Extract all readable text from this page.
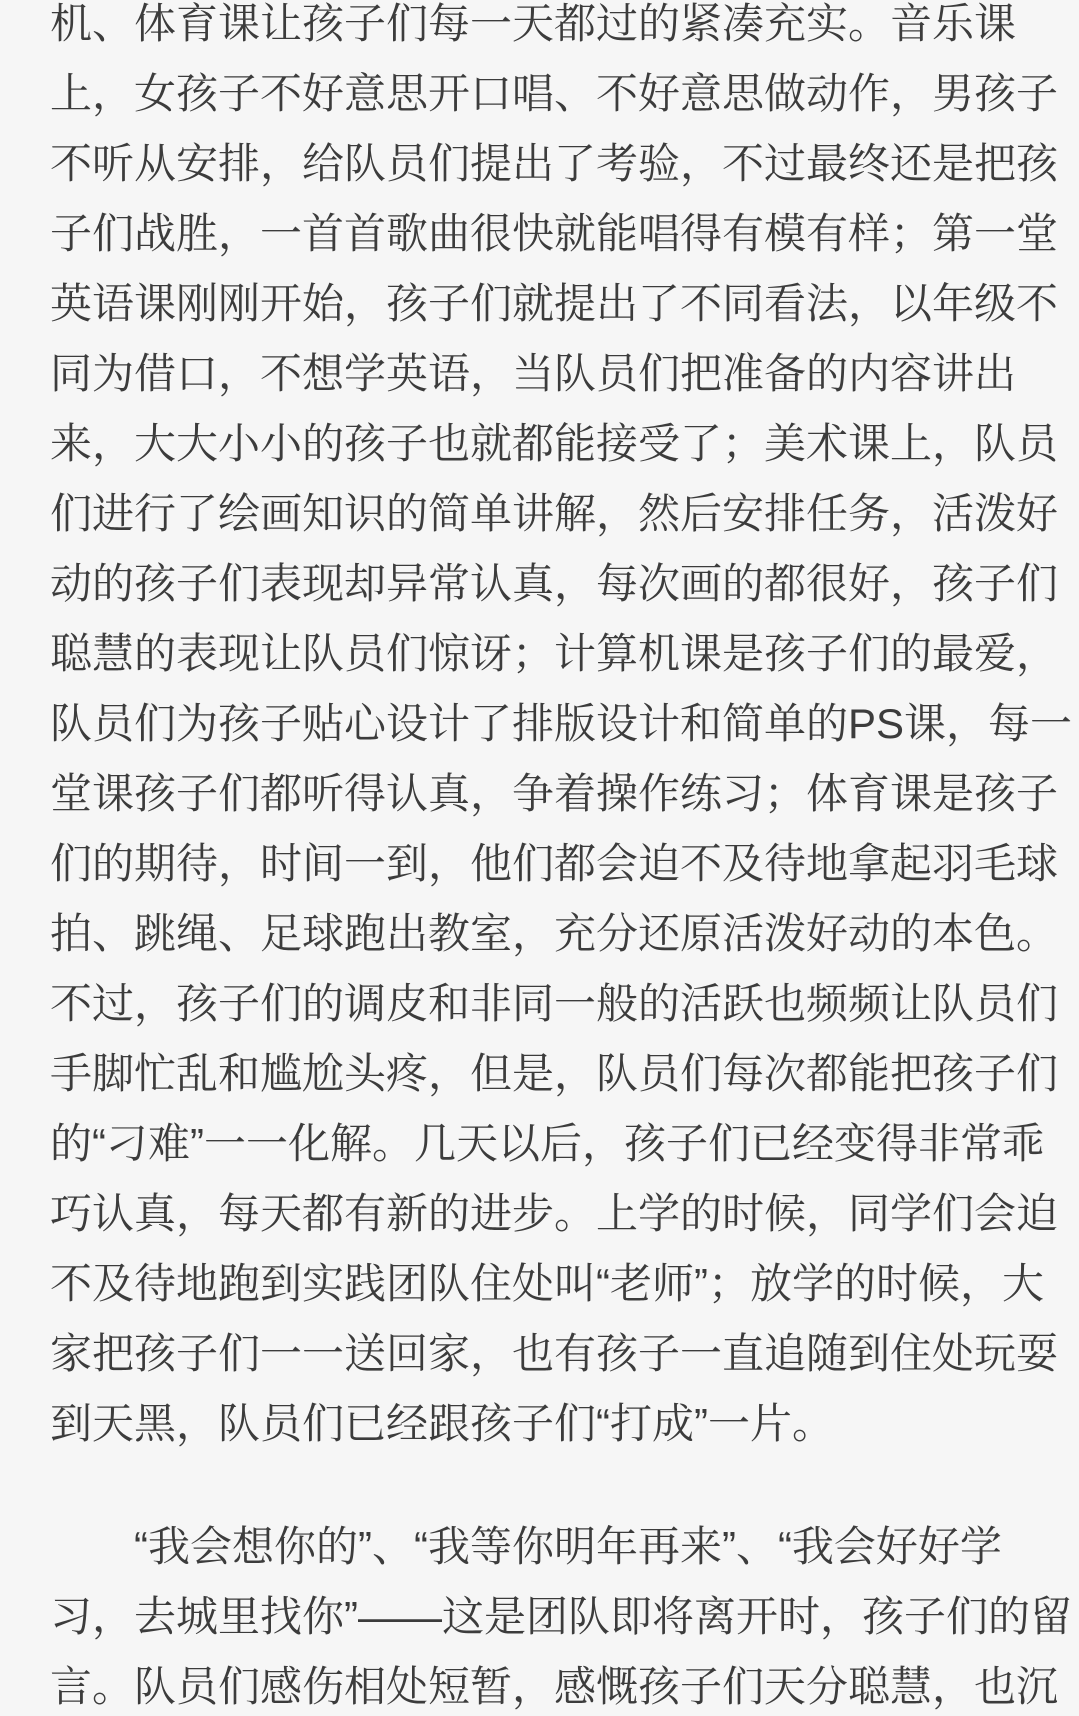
机、体育课让孩子们每一天都过的紧凑充实。音乐课
上，女孩子不好意思开口唱、不好意思做动作，男孩子
不听从安排，给队员们提出了考验，不过最终还是把孩
子们战胜，一首首歌曲很快就能唱得有模有样；第一堂
英语课刚刚开始，孩子们就提出了不同看法，以年级不
同为借口，不想学英语，当队员们把准备的内容讲出
来，大大小小的孩子也就都能接受了；美术课上，队员
们进行了绘画知识的简单讲解，然后安排任务，活泼好
动的孩子们表现却异常认真，每次画的都很好，孩子们
聪慧的表现让队员们惊讶；计算机课是孩子们的最爱，
队员们为孩子贴心设计了排版设计和简单的PS课，每一
堂课孩子们都听得认真，争着操作练习；体育课是孩子
们的期待，时间一到，他们都会迫不及待地拿起羽毛球
拍、跳绳、足球跑出教室，充分还原活泼好动的本色。
不过，孩子们的调皮和非同一般的活跃也频频让队员们
手脚忙乱和尴尬头疼，但是，队员们每次都能把孩子们
的“刁难”一一化解。几天以后，孩子们已经变得非常乖
巧认真，每天都有新的进步。上学的时候，同学们会迫
不及待地跑到实践团队住处叫“老师”；放学的时候，大
家把孩子们一一送回家，也有孩子一直追随到住处玩耍
到天黑，队员们已经跟孩子们“打成”一片。
“我会想你的”、“我等你明年再来”、“我会好好学
习，去城里找你”——这是团队即将离开时，孩子们的留
言。队员们感伤相处短暂，感慨孩子们天分聪慧，也沉
